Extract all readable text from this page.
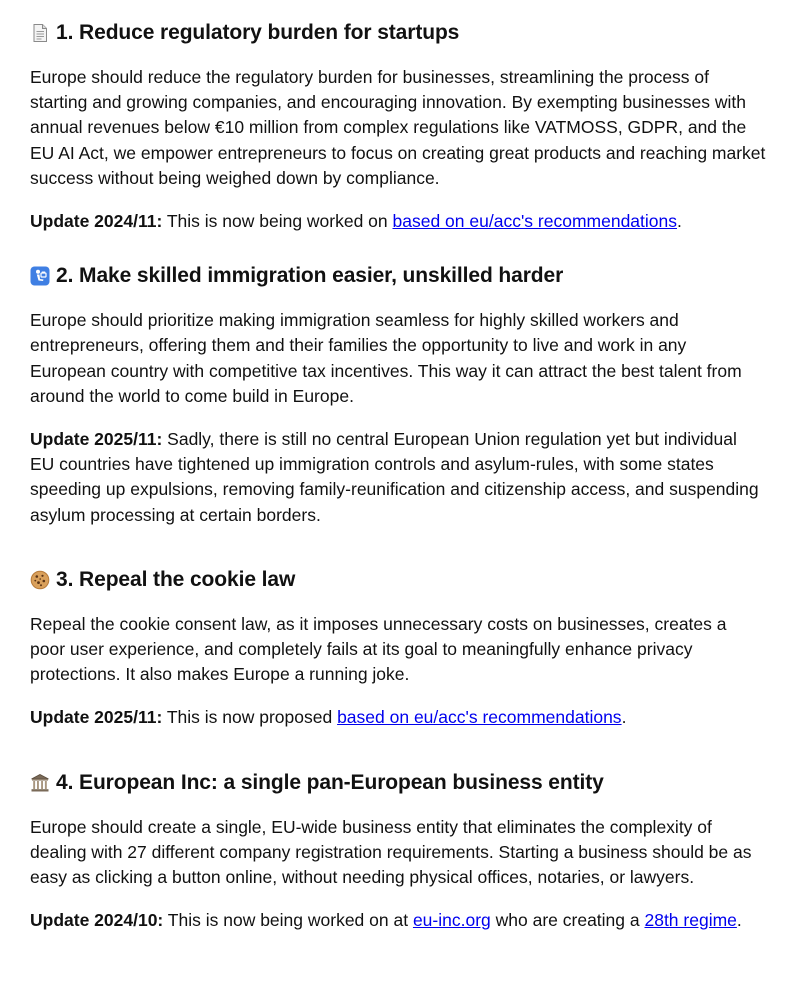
1. Reduce regulatory burden for startups

Europe should reduce the regulatory burden for businesses, streamlining the process of starting and growing companies, and encouraging innovation. By exempting businesses with annual revenues below €10 million from complex regulations like VATMOSS, GDPR, and the EU AI Act, we empower entrepreneurs to focus on creating great products and reaching market success without being weighed down by compliance.

Update 2024/11: This is now being worked on based on eu/acc's recommendations.

2. Make skilled immigration easier, unskilled harder

Europe should prioritize making immigration seamless for highly skilled workers and entrepreneurs, offering them and their families the opportunity to live and work in any European country with competitive tax incentives. This way it can attract the best talent from around the world to come build in Europe.

Update 2025/11: Sadly, there is still no central European Union regulation yet but individual EU countries have tightened up immigration controls and asylum-rules, with some states speeding up expulsions, removing family-reunification and citizenship access, and suspending asylum processing at certain borders.

3. Repeal the cookie law

Repeal the cookie consent law, as it imposes unnecessary costs on businesses, creates a poor user experience, and completely fails at its goal to meaningfully enhance privacy protections. It also makes Europe a running joke.

Update 2025/11: This is now proposed based on eu/acc's recommendations.

4. European Inc: a single pan-European business entity

Europe should create a single, EU-wide business entity that eliminates the complexity of dealing with 27 different company registration requirements. Starting a business should be as easy as clicking a button online, without needing physical offices, notaries, or lawyers.

Update 2024/10: This is now being worked on at eu-inc.org who are creating a 28th regime.
